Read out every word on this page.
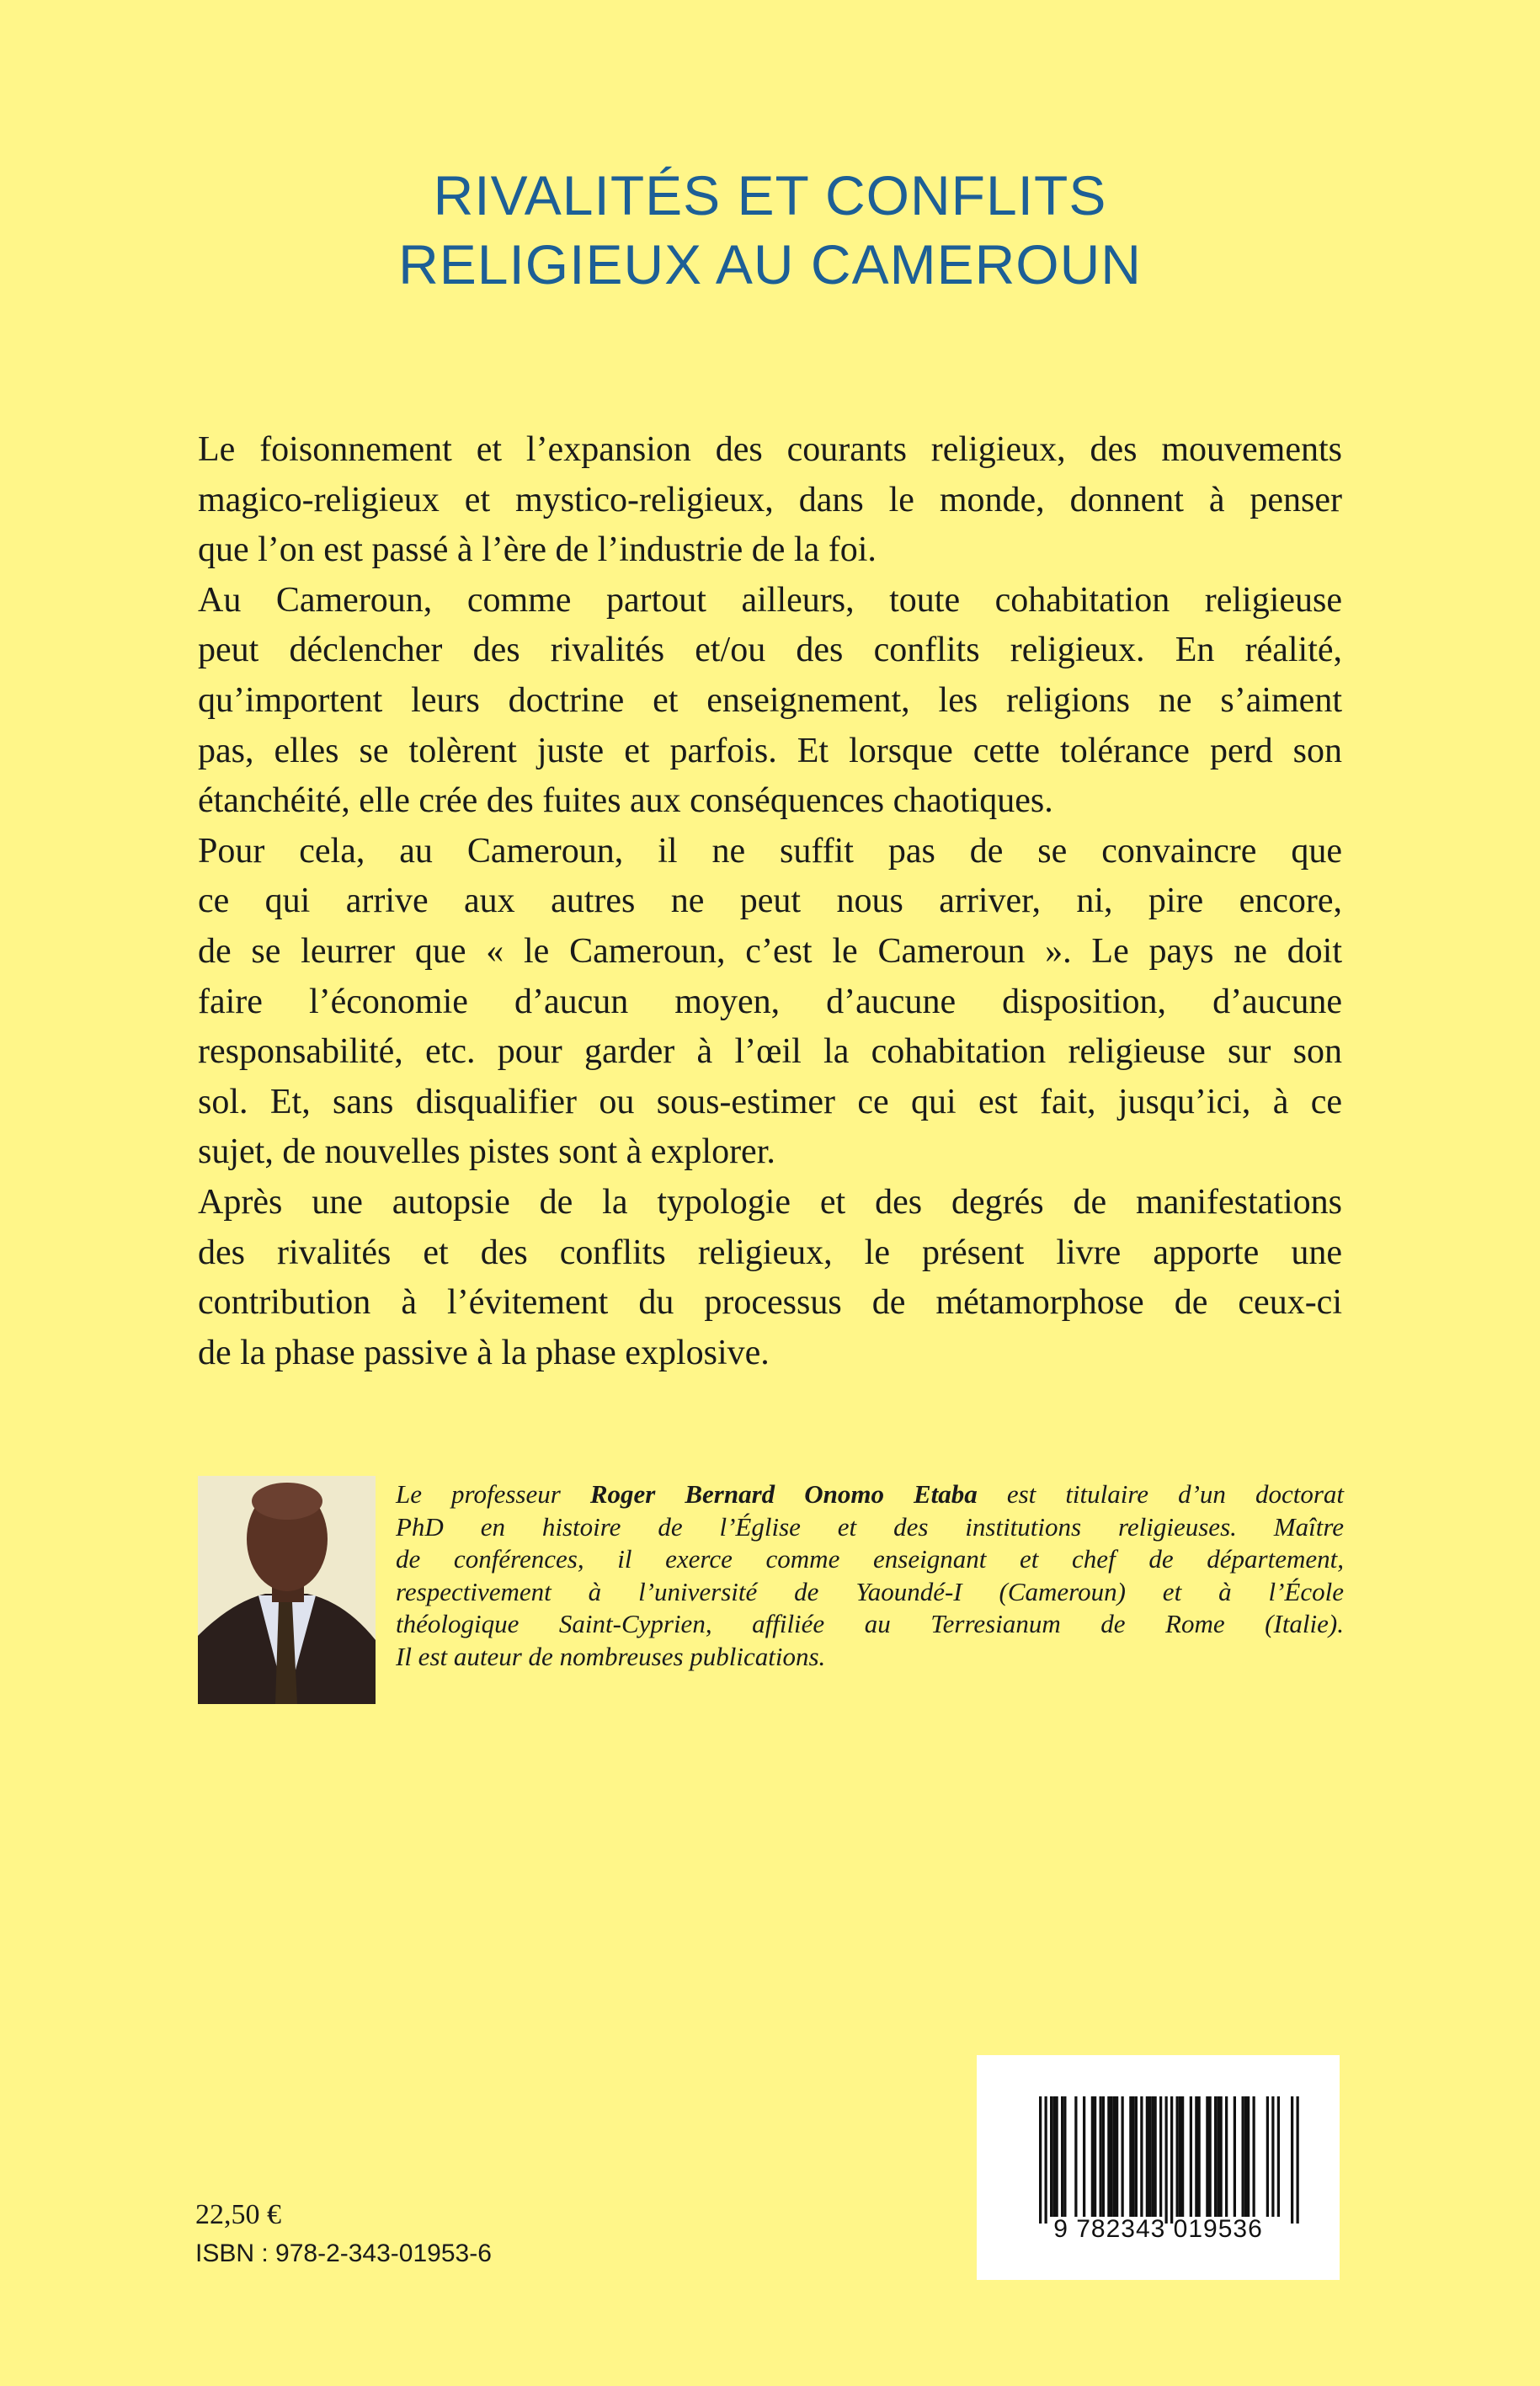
RIVALITÉS ET CONFLITS
RELIGIEUX AU CAMEROUN
Le foisonnement et l’expansion des courants religieux, des mouvements
magico-religieux et mystico-religieux, dans le monde, donnent à penser
que l’on est passé à l’ère de l’industrie de la foi.
Au Cameroun, comme partout ailleurs, toute cohabitation religieuse
peut déclencher des rivalités et/ou des conflits religieux. En réalité,
qu’importent leurs doctrine et enseignement, les religions ne s’aiment
pas, elles se tolèrent juste et parfois. Et lorsque cette tolérance perd son
étanchéité, elle crée des fuites aux conséquences chaotiques.
Pour cela, au Cameroun, il ne suffit pas de se convaincre que
ce qui arrive aux autres ne peut nous arriver, ni, pire encore,
de se leurrer que « le Cameroun, c’est le Cameroun ». Le pays ne doit
faire l’économie d’aucun moyen, d’aucune disposition, d’aucune
responsabilité, etc. pour garder à l’œil la cohabitation religieuse sur son
sol. Et, sans disqualifier ou sous-estimer ce qui est fait, jusqu’ici, à ce
sujet, de nouvelles pistes sont à explorer.
Après une autopsie de la typologie et des degrés de manifestations
des rivalités et des conflits religieux, le présent livre apporte une
contribution à l’évitement du processus de métamorphose de ceux-ci
de la phase passive à la phase explosive.
Le professeur Roger Bernard Onomo Etaba est titulaire d’un doctorat
PhD en histoire de l’Église et des institutions religieuses. Maître
de conférences, il exerce comme enseignant et chef de département,
respectivement à l’université de Yaoundé-I (Cameroun) et à l’École
théologique Saint-Cyprien, affiliée au Terresianum de Rome (Italie).
Il est auteur de nombreuses publications.
22,50 €
ISBN : 978-2-343-01953-6
9 782343 019536
